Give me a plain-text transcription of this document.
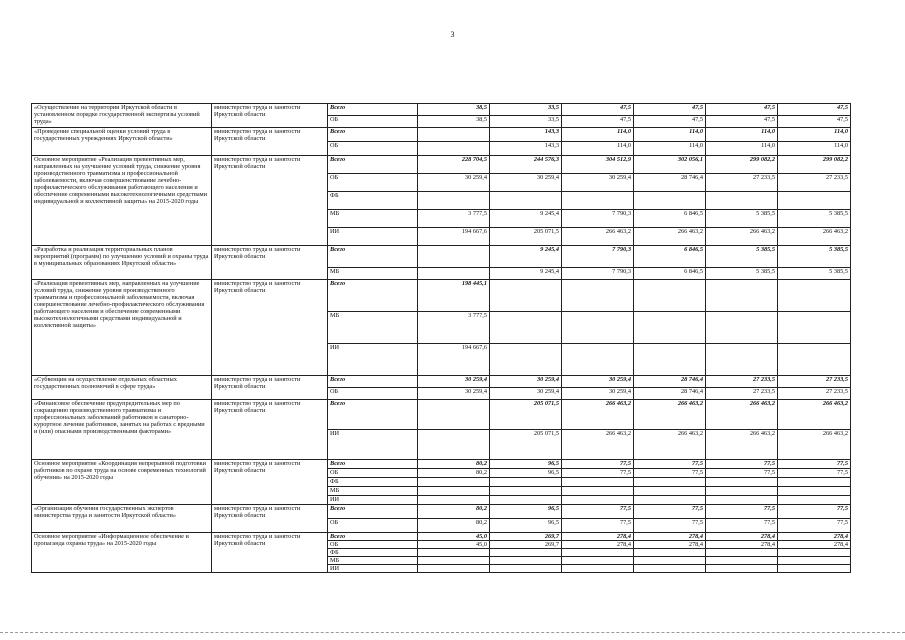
3
«Осуществление на территории Иркутской области в установленном порядке государственной экспертизы условий труда»	министерство труда и занятости Иркутской области	Всего	38,5	33,5	47,5	47,5	47,5	47,5
		ОБ	38,5	33,5	47,5	47,5	47,5	47,5
«Проведение специальной оценки условий труда в государственных учреждениях Иркутской области»	министерство труда и занятости Иркутской области	Всего		143,3	114,0	114,0	114,0	114,0
		ОБ		143,3	114,0	114,0	114,0	114,0
Основное мероприятие «Реализация превентивных мер, направленных на улучшение условий труда, снижение уровня производственного травматизма и профессиональной заболеваемости, включая совершенствование лечебно-профилактического обслуживания работающего населения и обеспечение современными высокотехнологичными средствами индивидуальной и коллективной защиты» на 2015-2020 годы	министерство труда и занятости Иркутской области	Всего	228 704,5	244 576,3	304 512,9	302 056,1	299 082,2	299 082,2
		ОБ	30 259,4	30 259,4	30 259,4	28 746,4	27 233,5	27 233,5
		ФБ						
		МБ	3 777,5	9 245,4	7 790,3	6 846,5	5 385,5	5 385,5
		ИИ	194 667,6	205 071,5	266 463,2	266 463,2	266 463,2	266 463,2
«Разработка и реализация территориальных планов мероприятий (программ) по улучшению условий и охраны труда в муниципальных образованиях Иркутской области»	министерство труда и занятости Иркутской области	Всего		9 245,4	7 790,3	6 846,5	5 385,5	5 385,5
		МБ		9 245,4	7 790,3	6 846,5	5 385,5	5 385,5
«Реализация превентивных мер, направленных на улучшение условий труда, снижение уровня производственного травматизма и профессиональной заболеваемости, включая совершенствование лечебно-профилактического обслуживания работающего населения и обеспечение современными высокотехнологичными средствами индивидуальной и коллективной защиты»	министерство труда и занятости Иркутской области	Всего	198 445,1					
		МБ	3 777,5					
		ИИ	194 667,6					
«Субвенции на осуществление отдельных областных государственных полномочий в сфере труда»	министерство труда и занятости Иркутской области	Всего	30 259,4	30 259,4	30 259,4	28 746,4	27 233,5	27 233,5
		ОБ	30 259,4	30 259,4	30 259,4	28 746,4	27 233,5	27 233,5
«Финансовое обеспечение предупредительных мер по сокращению производственного травматизма и профессиональных заболеваний работников и санаторно-курортное лечение работников, занятых на работах с вредными и (или) опасными производственными факторами»	министерство труда и занятости Иркутской области	Всего		205 071,5	266 463,2	266 463,2	266 463,2	266 463,2
		ИИ		205 071,5	266 463,2	266 463,2	266 463,2	266 463,2
Основное мероприятие «Координация непрерывной подготовки работников по охране труда на основе современных технологий обучения» на 2015-2020 годы	министерство труда и занятости Иркутской области	Всего	80,2	96,5	77,5	77,5	77,5	77,5
		ОБ	80,2	96,5	77,5	77,5	77,5	77,5
		ФБ						
		МБ						
		ИИ						
«Организация обучения государственных экспертов министерства труда и занятости Иркутской области»	министерство труда и занятости Иркутской области	Всего	80,2	96,5	77,5	77,5	77,5	77,5
		ОБ	80,2	96,5	77,5	77,5	77,5	77,5
Основное мероприятие «Информационное обеспечение и пропаганда охраны труда» на 2015-2020 годы	министерство труда и занятости Иркутской области	Всего	45,0	269,7	278,4	278,4	278,4	278,4
		ОБ	45,0	269,7	278,4	278,4	278,4	278,4
		ФБ						
		МБ						
		ИИ						
